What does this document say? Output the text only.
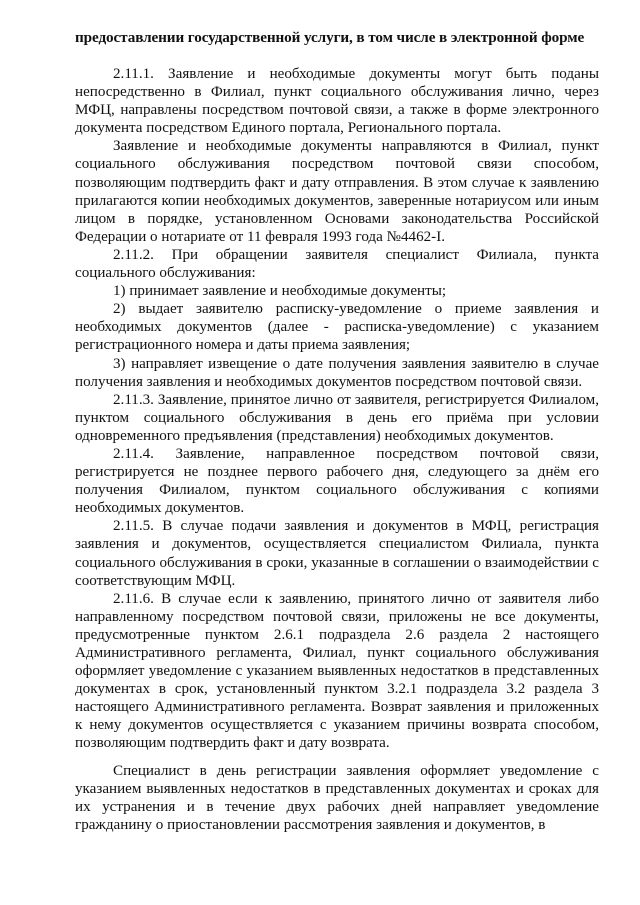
предоставлении государственной услуги, в том числе в электронной форме

2.11.1. Заявление и необходимые документы могут быть поданы непосредственно в Филиал, пункт социального обслуживания лично, через МФЦ, направлены посредством почтовой связи, а также в форме электронного документа посредством Единого портала, Регионального портала.

Заявление и необходимые документы направляются в Филиал, пункт социального обслуживания посредством почтовой связи способом, позволяющим подтвердить факт и дату отправления. В этом случае к заявлению прилагаются копии необходимых документов, заверенные нотариусом или иным лицом в порядке, установленном Основами законодательства Российской Федерации о нотариате от 11 февраля 1993 года №4462-I.

2.11.2. При обращении заявителя специалист Филиала, пункта социального обслуживания:

1) принимает заявление и необходимые документы;

2) выдает заявителю расписку-уведомление о приеме заявления и необходимых документов (далее - расписка-уведомление) с указанием регистрационного номера и даты приема заявления;

3) направляет извещение о дате получения заявления заявителю в случае получения заявления и необходимых документов посредством почтовой связи.

2.11.3. Заявление, принятое лично от заявителя, регистрируется Филиалом, пунктом социального обслуживания в день его приёма при условии одновременного предъявления (представления) необходимых документов.

2.11.4. Заявление, направленное посредством почтовой связи, регистрируется не позднее первого рабочего дня, следующего за днём его получения Филиалом, пунктом социального обслуживания с копиями необходимых документов.

2.11.5. В случае подачи заявления и документов в МФЦ, регистрация заявления и документов, осуществляется специалистом Филиала, пункта социального обслуживания в сроки, указанные в соглашении о взаимодействии с соответствующим МФЦ.

2.11.6. В случае если к заявлению, принятого лично от заявителя либо направленному посредством почтовой связи, приложены не все документы, предусмотренные пунктом 2.6.1 подраздела 2.6 раздела 2 настоящего Административного регламента, Филиал, пункт социального обслуживания оформляет уведомление с указанием выявленных недостатков в представленных документах в срок, установленный пунктом 3.2.1 подраздела 3.2 раздела 3 настоящего Административного регламента. Возврат заявления и приложенных к нему документов осуществляется с указанием причины возврата способом, позволяющим подтвердить факт и дату возврата.

Специалист в день регистрации заявления оформляет уведомление с указанием выявленных недостатков в представленных документах и сроках для их устранения и в течение двух рабочих дней направляет уведомление гражданину о приостановлении рассмотрения заявления и документов, в
